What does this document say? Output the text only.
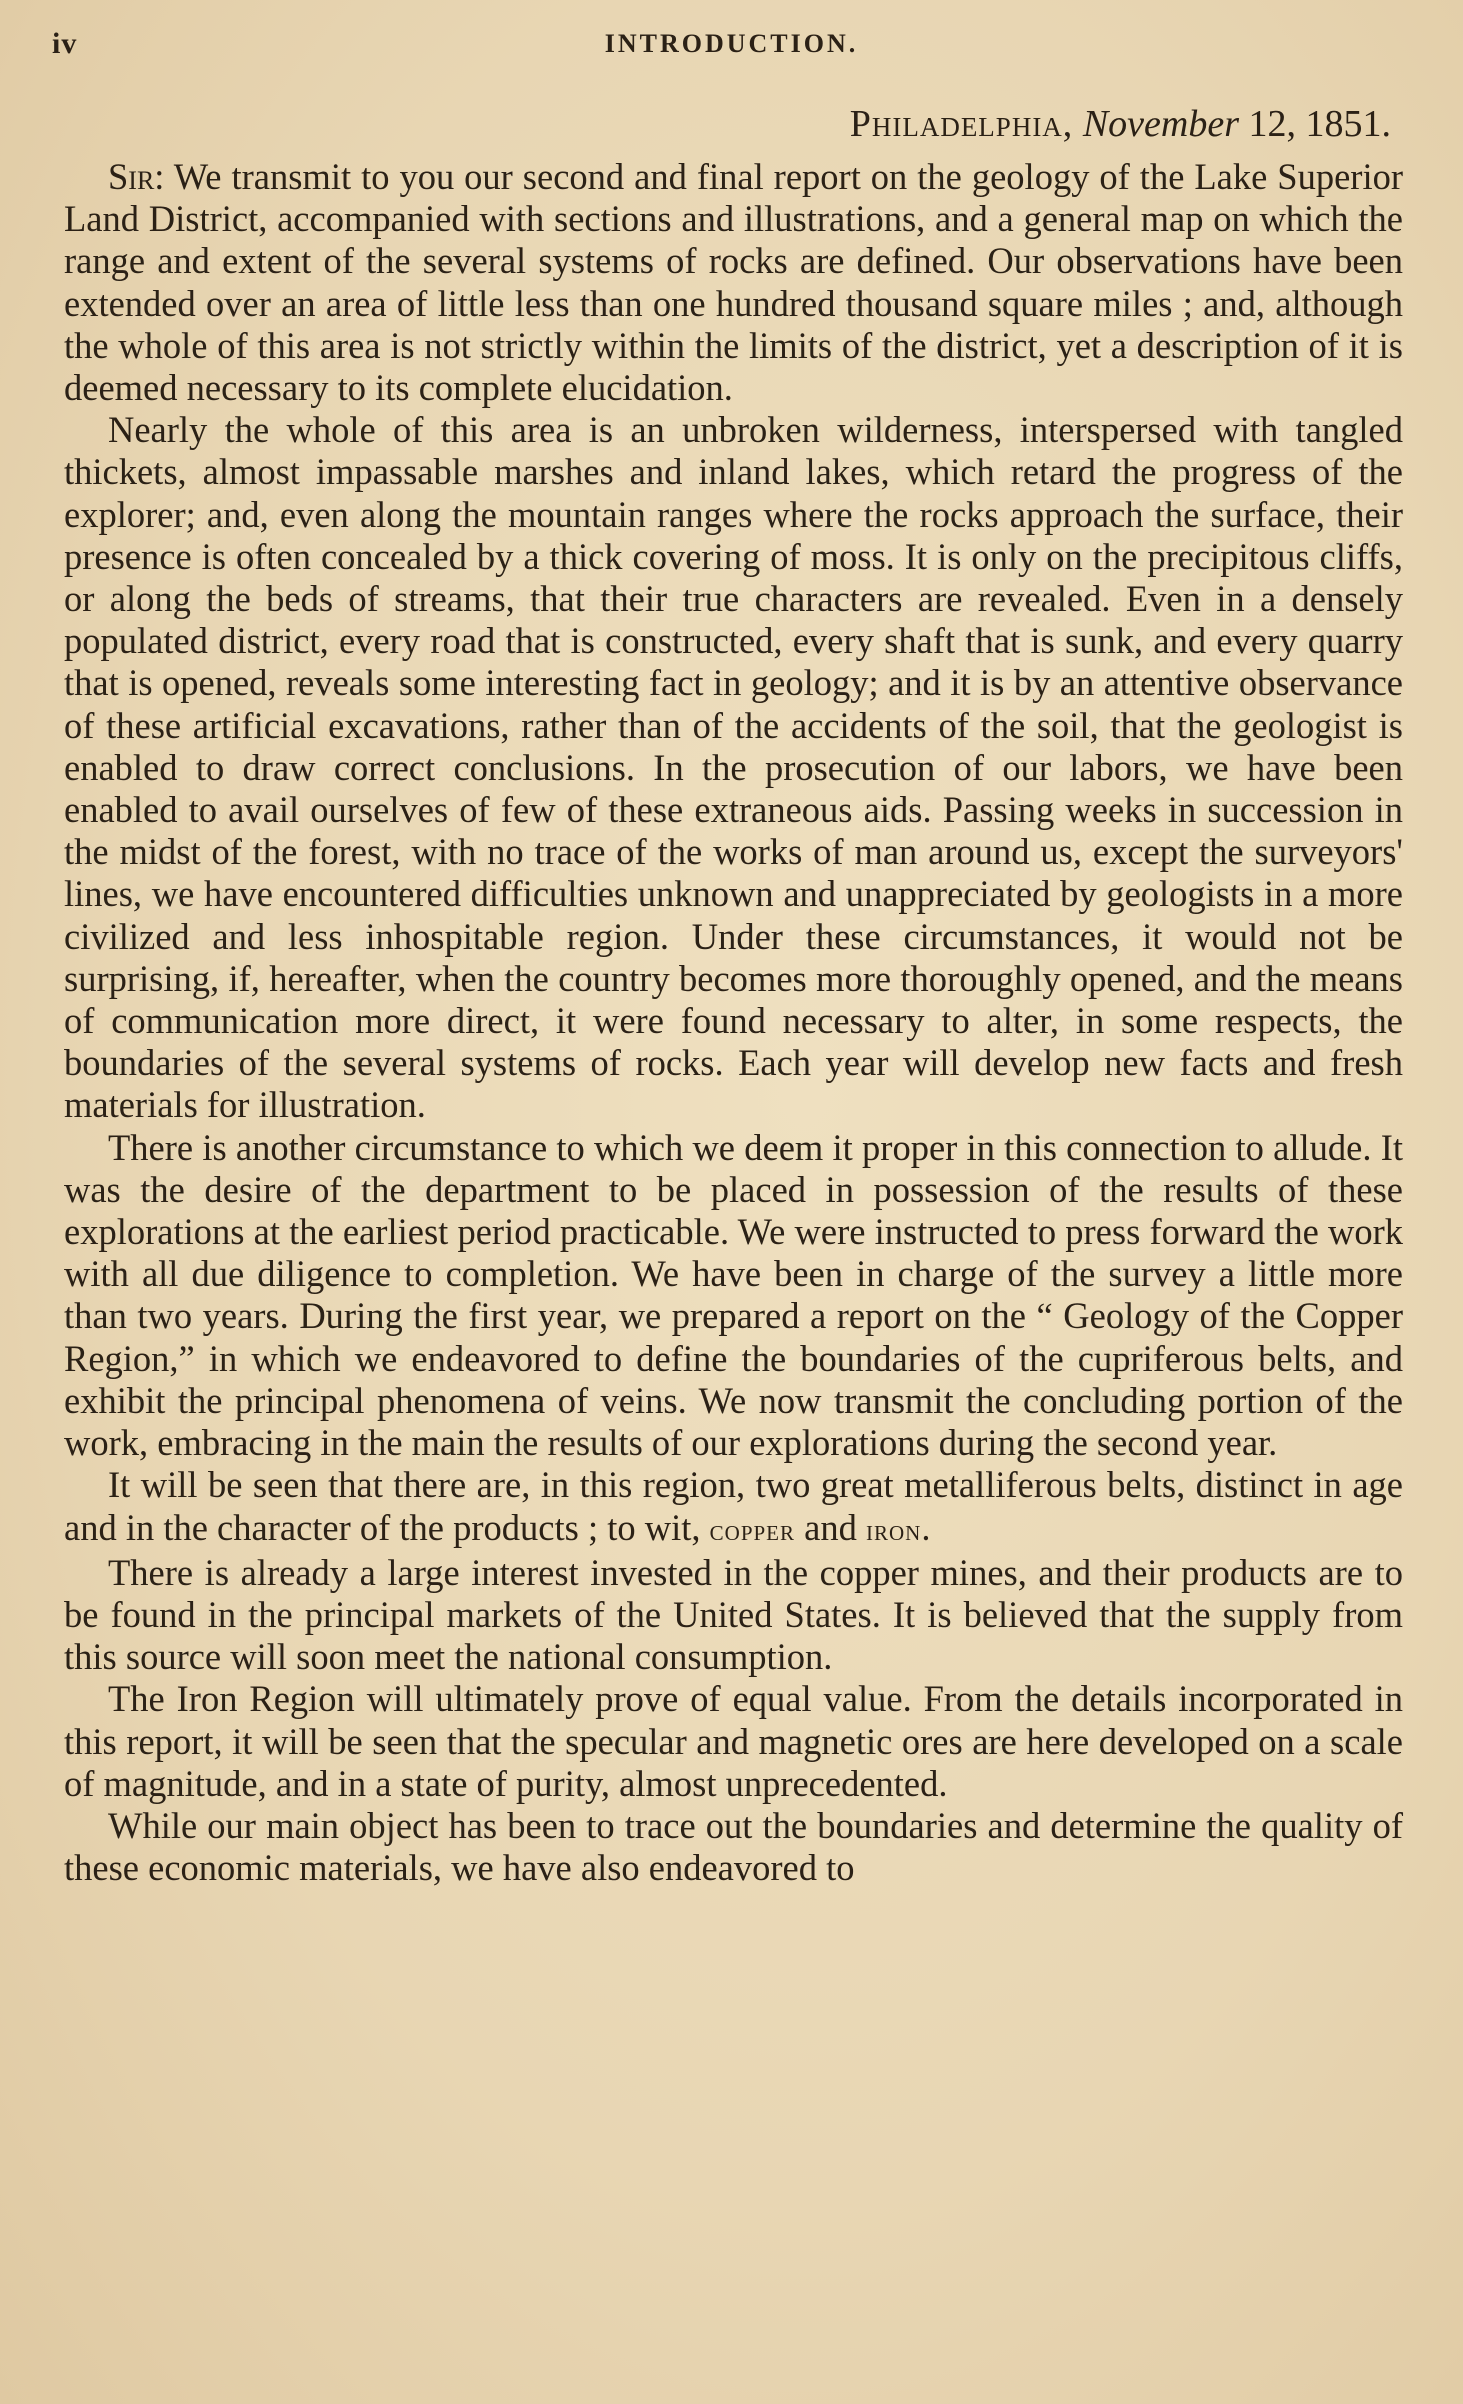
iv	INTRODUCTION.
Philadelphia, November 12, 1851.

Sir: We transmit to you our second and final report on the geology of the Lake Superior Land District, accompanied with sections and illustrations, and a general map on which the range and extent of the several systems of rocks are defined. Our observations have been extended over an area of little less than one hundred thousand square miles ; and, although the whole of this area is not strictly within the limits of the district, yet a description of it is deemed necessary to its complete elucidation.

Nearly the whole of this area is an unbroken wilderness, interspersed with tangled thickets, almost impassable marshes and inland lakes, which retard the progress of the explorer; and, even along the mountain ranges where the rocks approach the surface, their presence is often concealed by a thick covering of moss. It is only on the precipitous cliffs, or along the beds of streams, that their true characters are revealed. Even in a densely populated district, every road that is constructed, every shaft that is sunk, and every quarry that is opened, reveals some interesting fact in geology; and it is by an attentive observance of these artificial excavations, rather than of the accidents of the soil, that the geologist is enabled to draw correct conclusions. In the prosecution of our labors, we have been enabled to avail ourselves of few of these extraneous aids. Passing weeks in succession in the midst of the forest, with no trace of the works of man around us, except the surveyors' lines, we have encountered difficulties unknown and unappreciated by geologists in a more civilized and less inhospitable region. Under these circumstances, it would not be surprising, if, hereafter, when the country becomes more thoroughly opened, and the means of communication more direct, it were found necessary to alter, in some respects, the boundaries of the several systems of rocks. Each year will develop new facts and fresh materials for illustration.

There is another circumstance to which we deem it proper in this connection to allude. It was the desire of the department to be placed in possession of the results of these explorations at the earliest period practicable. We were instructed to press forward the work with all due diligence to completion. We have been in charge of the survey a little more than two years. During the first year, we prepared a report on the “ Geology of the Copper Region,” in which we endeavored to define the boundaries of the cupriferous belts, and exhibit the principal phenomena of veins. We now transmit the concluding portion of the work, embracing in the main the results of our explorations during the second year.

It will be seen that there are, in this region, two great metalliferous belts, distinct in age and in the character of the products ; to wit, copper and iron.

There is already a large interest invested in the copper mines, and their products are to be found in the principal markets of the United States. It is believed that the supply from this source will soon meet the national consumption.

The Iron Region will ultimately prove of equal value. From the details incorporated in this report, it will be seen that the specular and magnetic ores are here developed on a scale of magnitude, and in a state of purity, almost unprecedented.

While our main object has been to trace out the boundaries and determine the quality of these economic materials, we have also endeavored to
